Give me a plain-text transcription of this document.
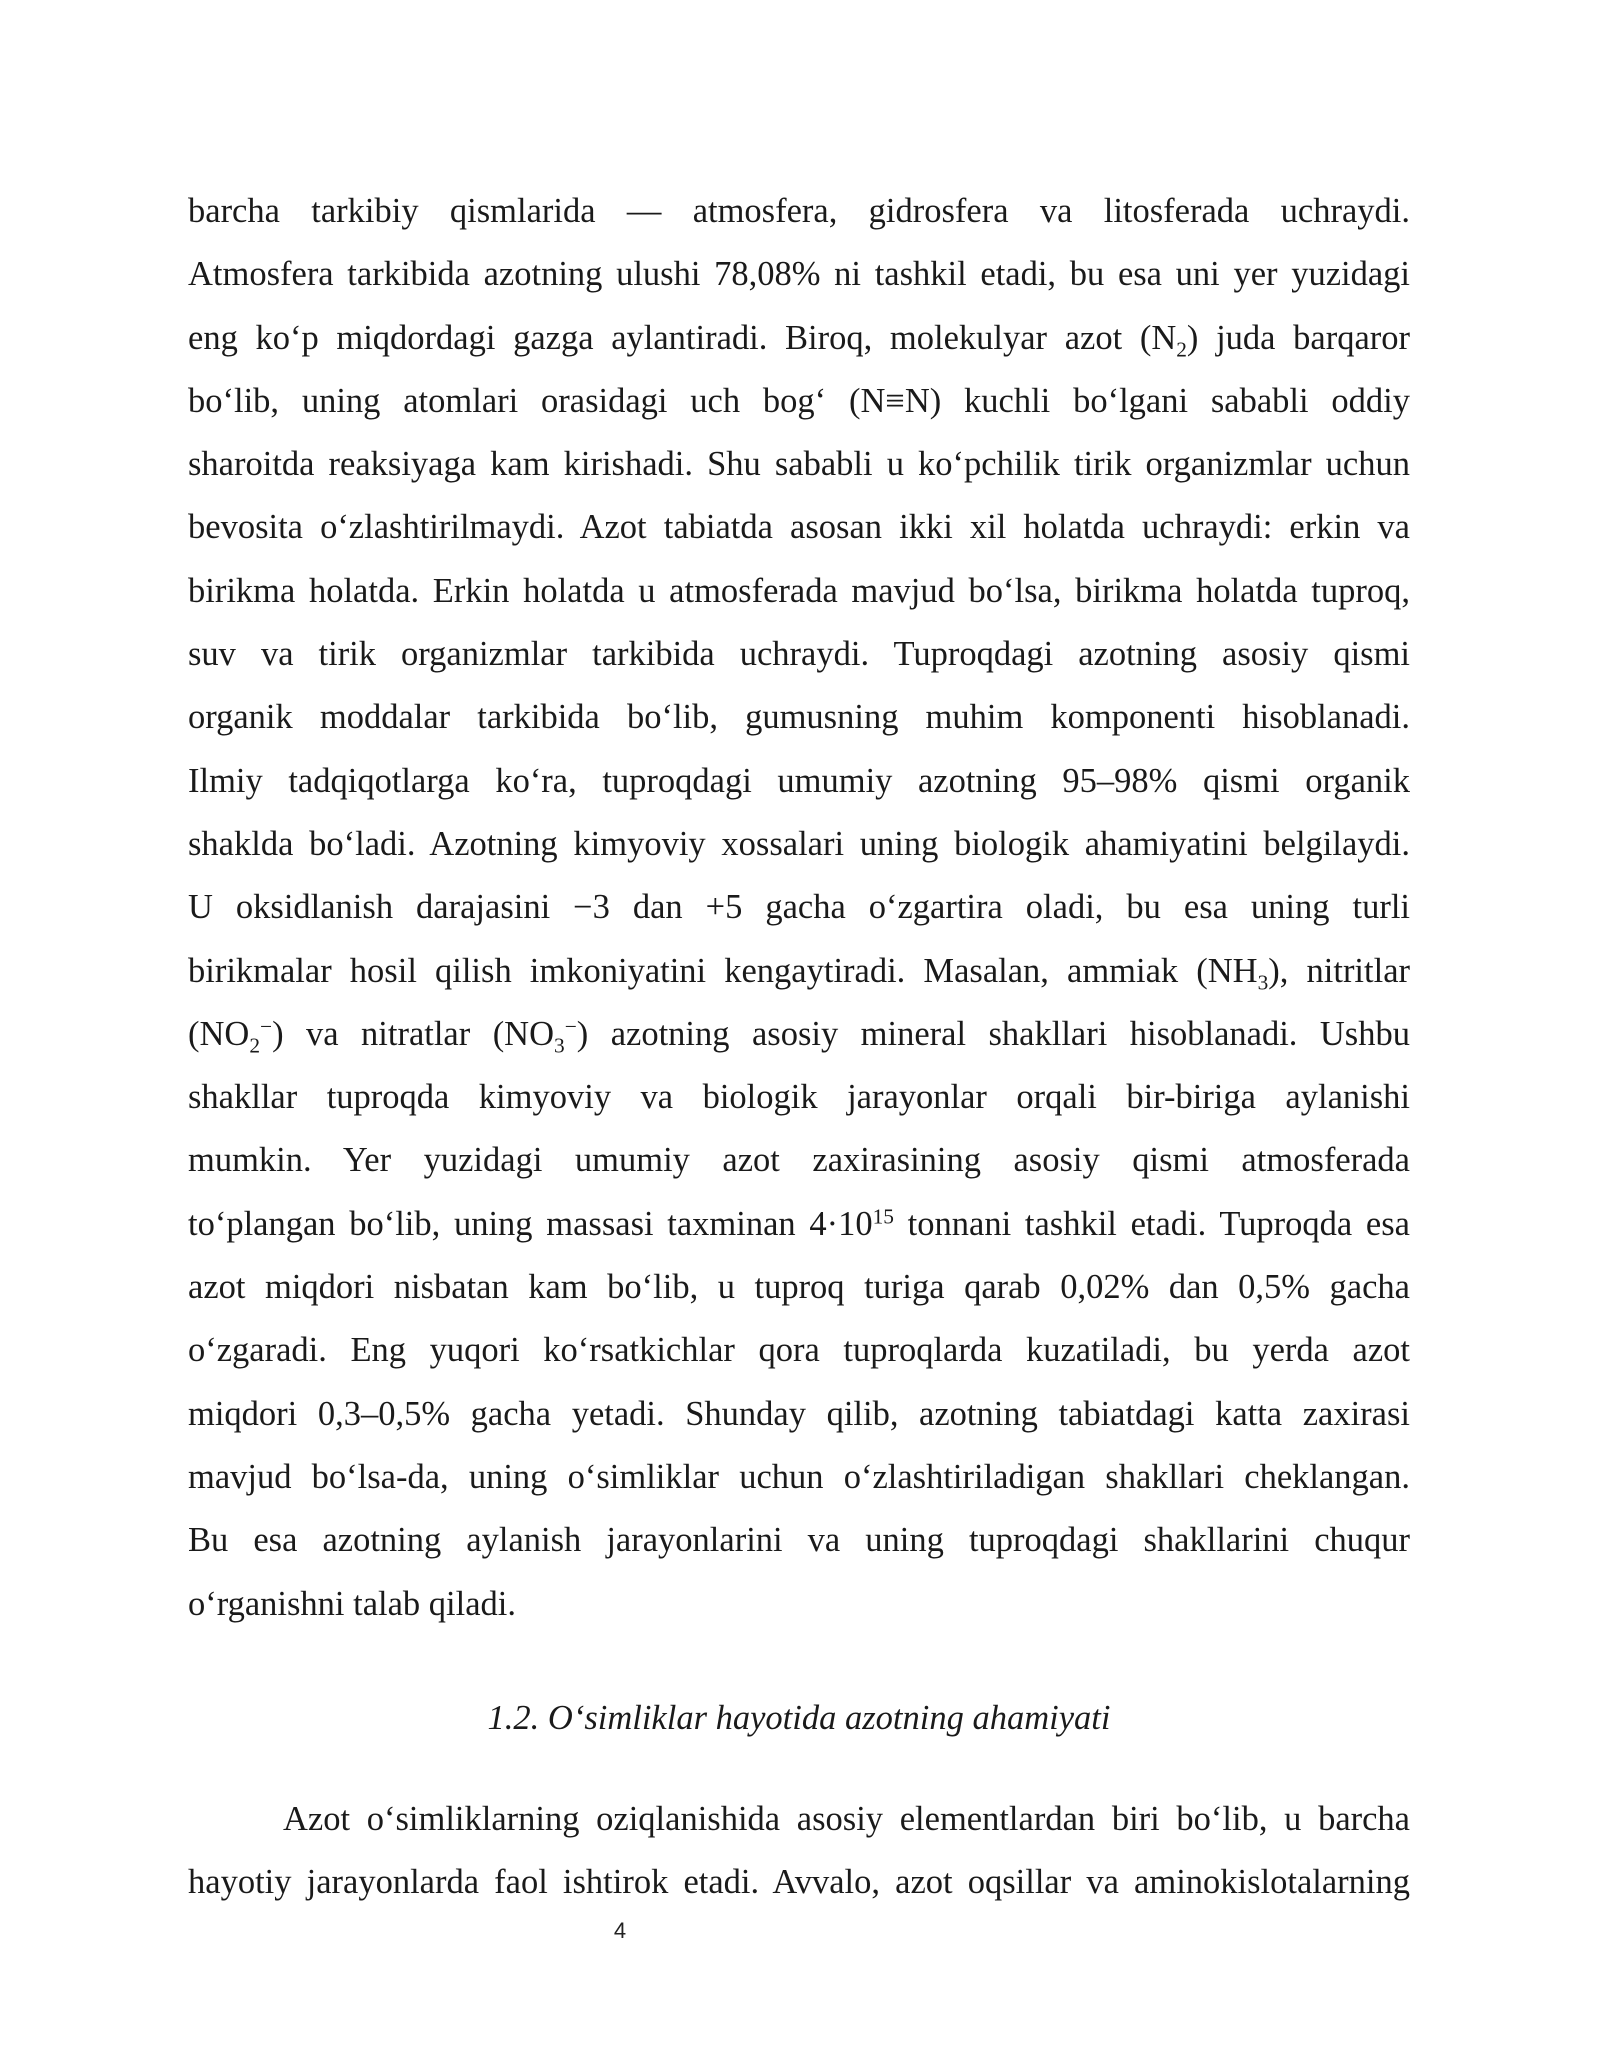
barcha tarkibiy qismlarida — atmosfera, gidrosfera va litosferada uchraydi.
Atmosfera tarkibida azotning ulushi 78,08% ni tashkil etadi, bu esa uni yer yuzidagi
eng ko‘p miqdordagi gazga aylantiradi. Biroq, molekulyar azot $(N_2)$ juda barqaror
bo‘lib, uning atomlari orasidagi uch bog‘ (N≡N) kuchli bo‘lgani sababli oddiy
sharoitda reaksiyaga kam kirishadi. Shu sababli u ko‘pchilik tirik organizmlar uchun
bevosita o‘zlashtirilmaydi. Azot tabiatda asosan ikki xil holatda uchraydi: erkin va
birikma holatda. Erkin holatda u atmosferada mavjud bo‘lsa, birikma holatda tuproq,
suv va tirik organizmlar tarkibida uchraydi. Tuproqdagi azotning asosiy qismi
organik moddalar tarkibida bo‘lib, gumusning muhim komponenti hisoblanadi.
Ilmiy tadqiqotlarga ko‘ra, tuproqdagi umumiy azotning 95–98% qismi organik
shaklda bo‘ladi. Azotning kimyoviy xossalari uning biologik ahamiyatini belgilaydi.
U oksidlanish darajasini −3 dan +5 gacha o‘zgartira oladi, bu esa uning turli
birikmalar hosil qilish imkoniyatini kengaytiradi. Masalan, ammiak $(NH_3)$, nitritlar
$(NO_2^-)$ va nitratlar $(NO_3^-)$ azotning asosiy mineral shakllari hisoblanadi. Ushbu
shakllar tuproqda kimyoviy va biologik jarayonlar orqali bir-biriga aylanishi
mumkin. Yer yuzidagi umumiy azot zaxirasining asosiy qismi atmosferada
to‘plangan bo‘lib, uning massasi taxminan $4\cdot 10^{15}$ tonnani tashkil etadi. Tuproqda esa
azot miqdori nisbatan kam bo‘lib, u tuproq turiga qarab 0,02% dan 0,5% gacha
o‘zgaradi. Eng yuqori ko‘rsatkichlar qora tuproqlarda kuzatiladi, bu yerda azot
miqdori 0,3–0,5% gacha yetadi. Shunday qilib, azotning tabiatdagi katta zaxirasi
mavjud bo‘lsa-da, uning o‘simliklar uchun o‘zlashtiriladigan shakllari cheklangan.
Bu esa azotning aylanish jarayonlarini va uning tuproqdagi shakllarini chuqur
o‘rganishni talab qiladi.

1.2. O‘simliklar hayotida azotning ahamiyati

Azot o‘simliklarning oziqlanishida asosiy elementlardan biri bo‘lib, u barcha
hayotiy jarayonlarda faol ishtirok etadi. Avvalo, azot oqsillar va aminokislotalarning

4
